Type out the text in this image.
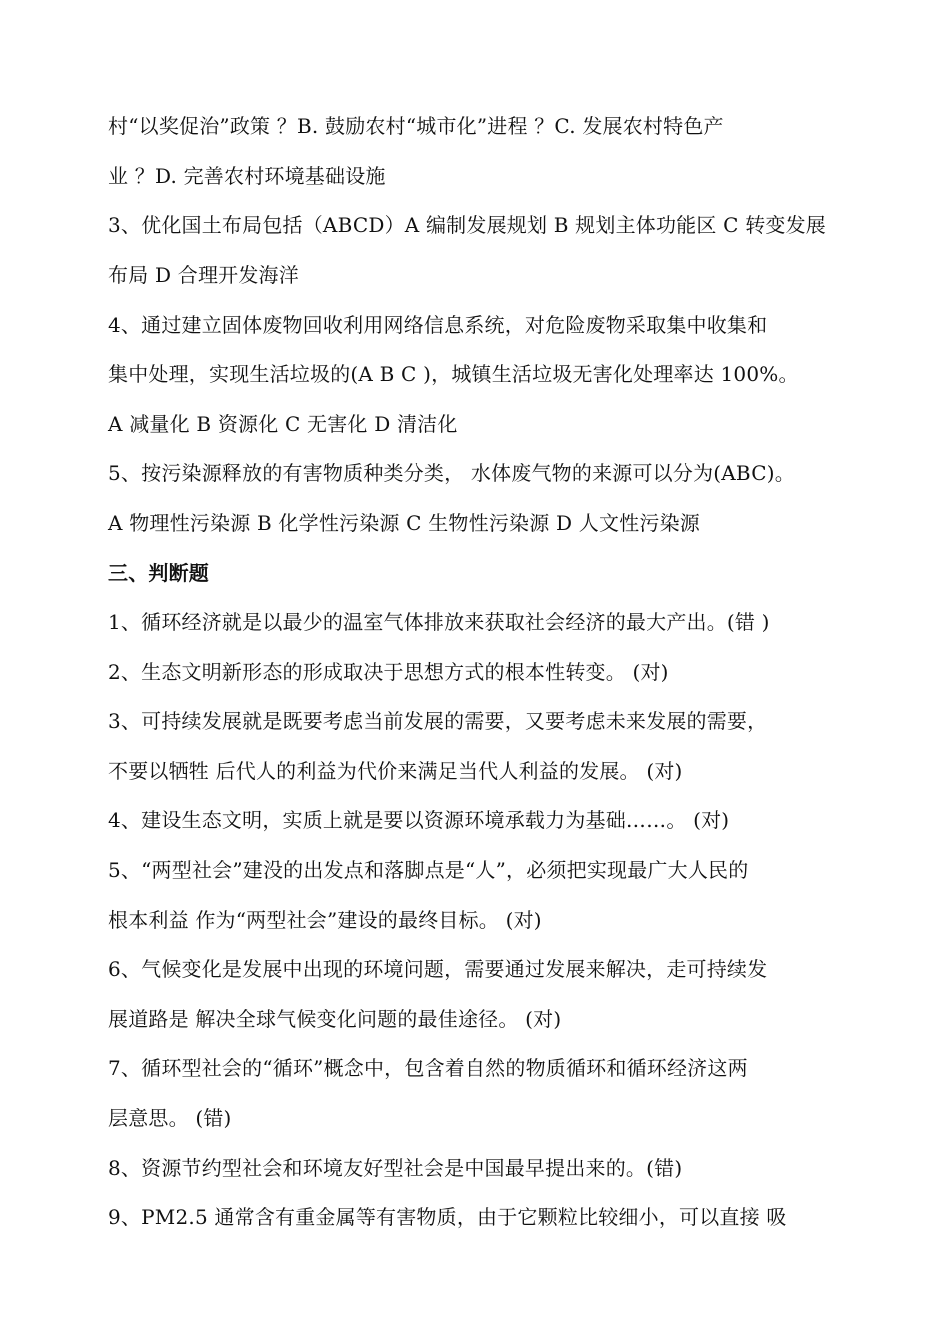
村“以奖促治”政策 ？B. 鼓励农村“城市化”进程 ？C. 发展农村特色产
业 ？D. 完善农村环境基础设施
3、优化国土布局包括（ABCD）A 编制发展规划 B 规划主体功能区 C 转变发展
布局 D 合理开发海洋
4、通过建立固体废物回收利用网络信息系统，对危险废物采取集中收集和
集中处理，实现生活垃圾的(A B C )，城镇生活垃圾无害化处理率达 100%。
A 减量化 B 资源化 C 无害化 D 清洁化
5、按污染源释放的有害物质种类分类， 水体废气物的来源可以分为(ABC)。
A 物理性污染源 B 化学性污染源 C 生物性污染源 D 人文性污染源
三、判断题
1、循环经济就是以最少的温室气体排放来获取社会经济的最大产出。(错 )
2、生态文明新形态的形成取决于思想方式的根本性转变。 (对)
3、可持续发展就是既要考虑当前发展的需要，又要考虑未来发展的需要，
不要以牺牲 后代人的利益为代价来满足当代人利益的发展。 (对)
4、建设生态文明，实质上就是要以资源环境承载力为基础……。 (对)
5、“两型社会”建没的出发点和落脚点是“人”，必须把实现最广大人民的
根本利益 作为“两型社会”建设的最终目标。 (对)
6、气候变化是发展中出现的环境问题，需要通过发展来解决，走可持续发
展道路是 解决全球气候变化问题的最佳途径。 (对)
7、循环型社会的“循环”概念中，包含着自然的物质循环和循环经济这两
层意思。 (错)
8、资源节约型社会和环境友好型社会是中国最早提出来的。(错)
9、PM2.5 通常含有重金属等有害物质，由于它颗粒比较细小，可以直接 吸
